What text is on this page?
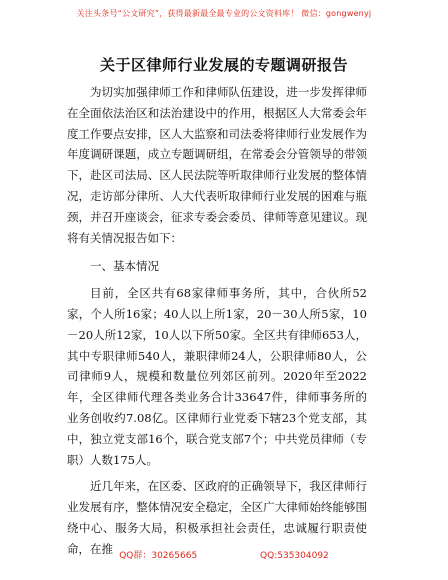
关注头条号“公文研究”，获得最新最全最专业的公文资料库！ 微信：gongwenyj
关于区律师行业发展的专题调研报告

为切实加强律师工作和律师队伍建设，进一步发挥律师在全面依法治区和法治建设中的作用，根据区人大常委会年度工作要点安排，区人大监察和司法委将律师行业发展作为年度调研课题，成立专题调研组，在常委会分管领导的带领下，赴区司法局、区人民法院等听取律师行业发展的整体情况，走访部分律所、人大代表听取律师行业发展的困难与瓶颈，并召开座谈会，征求专委会委员、律师等意见建议。现将有关情况报告如下：

一、基本情况

目前，全区共有68家律师事务所，其中，合伙所52家，个人所16家；40人以上所1家，20－30人所5家，10－20人所12家，10人以下所50家。全区共有律师653人，其中专职律师540人，兼职律师24人，公职律师80人，公司律师9人，规模和数量位列郊区前列。2020年至2022年，全区律师代理各类业务合计33647件，律师事务所的业务创收约7.08亿。区律师行业党委下辖23个党支部，其中，独立党支部16个，联合党支部7个；中共党员律师（专职）人数175人。

近几年来，在区委、区政府的正确领导下，我区律师行业发展有序，整体情况安全稳定，全区广大律师始终能够围绕中心、服务大局，积极承担社会责任，忠诚履行职责使命，在推

QQ群：30265665	QQ:535304092
